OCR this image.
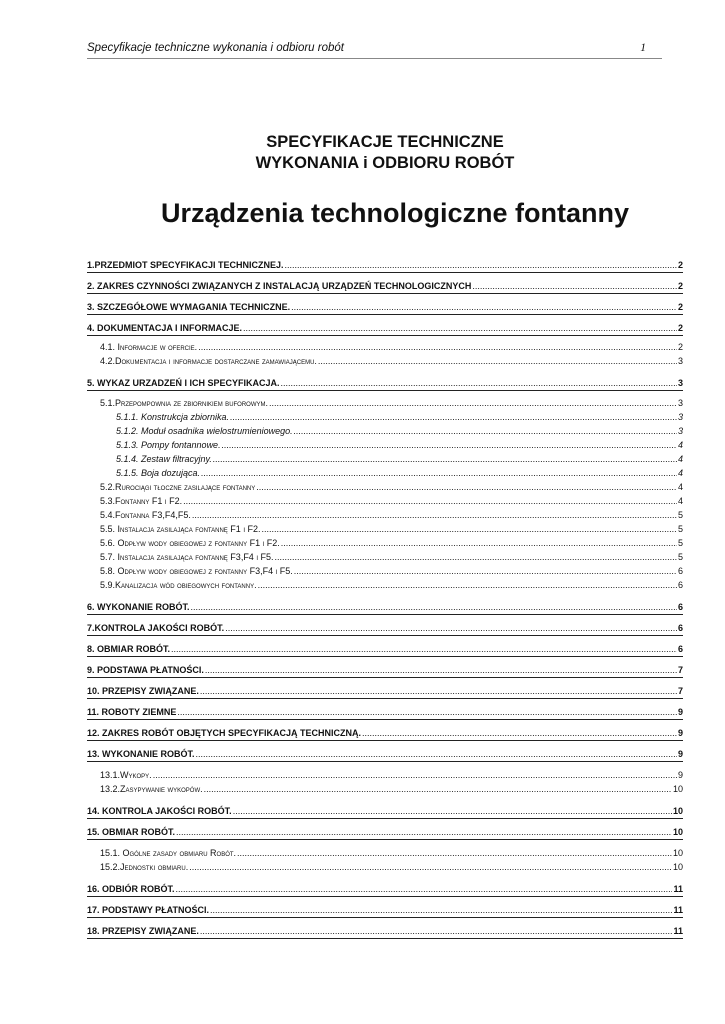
Specyfikacje techniczne wykonania i odbioru robót	1
SPECYFIKACJE TECHNICZNE
WYKONANIA i ODBIORU ROBÓT
Urządzenia technologiczne fontanny
1.PRZEDMIOT SPECYFIKACJI TECHNICZNEJ. .....	2
2. ZAKRES CZYNNOŚCI ZWIĄZANYCH Z INSTALACJĄ URZĄDZEŃ TECHNOLOGICZNYCH .....	2
3. SZCZEGÓŁOWE WYMAGANIA TECHNICZNE. .....	2
4. DOKUMENTACJA I INFORMACJE. .....	2
4.1. Informacje w ofercie. .....	2
4.2.Dokumentacja i informacje dostarczane zamawiającemu. .....	3
5. WYKAZ URZADZEŃ I ICH SPECYFIKACJA. .....	3
5.1.Przepompownia ze zbiornikiem buforowym. .....	3
5.1.1. Konstrukcja zbiornika. .....	3
5.1.2. Moduł osadnika wielostrumieniowego. .....	3
5.1.3. Pompy fontannowe. .....	4
5.1.4. Zestaw filtracyjny. .....	4
5.1.5. Boja dozująca. .....	4
5.2.Rurociągi tłoczne zasilające fontanny .....	4
5.3.Fontanny F1 i F2. .....	4
5.4.Fontanna F3,F4,F5. .....	5
5.5. Instalacja zasilająca fontannę F1 i F2. .....	5
5.6. Odpływ wody obiegowej z fontanny F1 i F2. .....	5
5.7. Instalacja zasilająca fontannę F3,F4 i F5. .....	5
5.8. Odpływ wody obiegowej z fontanny F3,F4 i F5. .....	6
5.9.Kanalizacja wód obiegowych fontanny. .....	6
6. WYKONANIE ROBÓT. .....	6
7.KONTROLA JAKOŚCI ROBÓT. .....	6
8. OBMIAR ROBÓT. .....	6
9. PODSTAWA PŁATNOŚCI. .....	7
10. PRZEPISY ZWIĄZANE. .....	7
11. ROBOTY ZIEMNE .....	9
12. ZAKRES ROBÓT OBJĘTYCH SPECYFIKACJĄ TECHNICZNĄ. .....	9
13. WYKONANIE ROBÓT. .....	9
13.1.Wykopy. .....	9
13.2.Zasypywanie wykopów. .....	10
14. KONTROLA JAKOŚCI ROBÓT. .....	10
15. OBMIAR ROBÓT. .....	10
15.1. Ogólne zasady obmiaru Robót. .....	10
15.2.Jednostki obmiaru. .....	10
16. ODBIÓR ROBÓT. .....	11
17. PODSTAWY PŁATNOŚCI. .....	11
18. PRZEPISY ZWIĄZANE. .....	11
